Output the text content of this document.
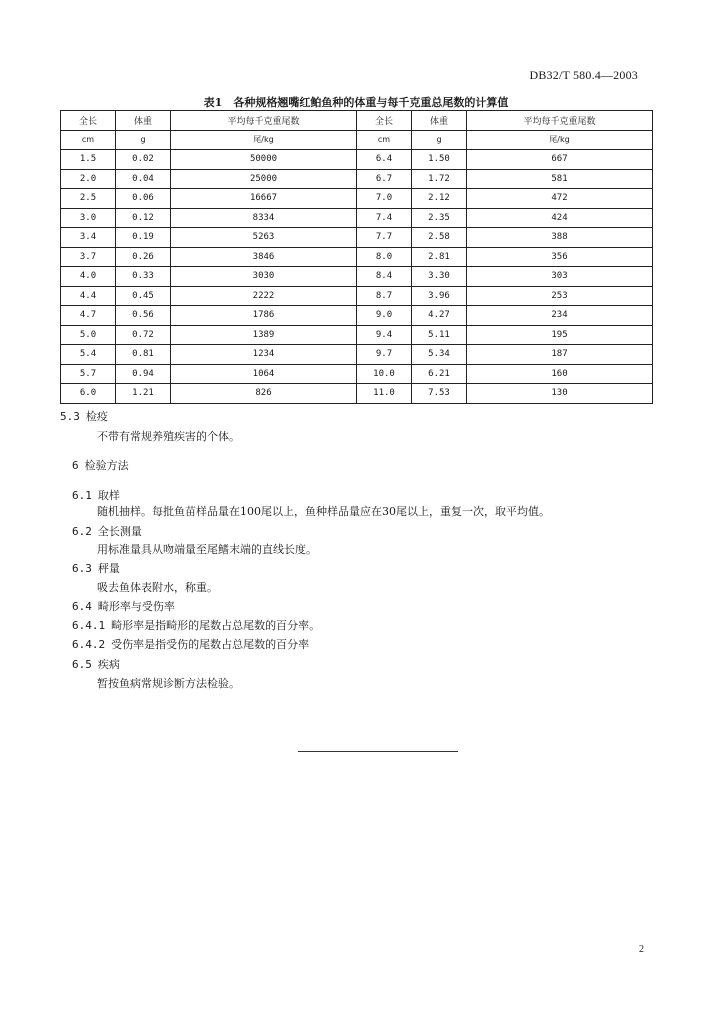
DB32/T 580.4—2003
表1　各种规格翘嘴红鲌鱼种的体重与每千克重总尾数的计算值
全长	体重	平均每千克重尾数	全长	体重	平均每千克重尾数
cm	g	尾/kg	cm	g	尾/kg
1.5	0.02	50000	6.4	1.50	667
2.0	0.04	25000	6.7	1.72	581
2.5	0.06	16667	7.0	2.12	472
3.0	0.12	8334	7.4	2.35	424
3.4	0.19	5263	7.7	2.58	388
3.7	0.26	3846	8.0	2.81	356
4.0	0.33	3030	8.4	3.30	303
4.4	0.45	2222	8.7	3.96	253
4.7	0.56	1786	9.0	4.27	234
5.0	0.72	1389	9.4	5.11	195
5.4	0.81	1234	9.7	5.34	187
5.7	0.94	1064	10.0	6.21	160
6.0	1.21	826	11.0	7.53	130
5.3 检疫
不带有常规养殖疾害的个体。
6 检验方法
6.1 取样
随机抽样。每批鱼苗样品量在100尾以上，鱼种样品量应在30尾以上，重复一次，取平均值。
6.2 全长测量
用标准量具从吻端量至尾鳍末端的直线长度。
6.3 秤量
吸去鱼体表附水，称重。
6.4 畸形率与受伤率
6.4.1 畸形率是指畸形的尾数占总尾数的百分率。
6.4.2 受伤率是指受伤的尾数占总尾数的百分率
6.5 疾病
暂按鱼病常规诊断方法检验。
2
